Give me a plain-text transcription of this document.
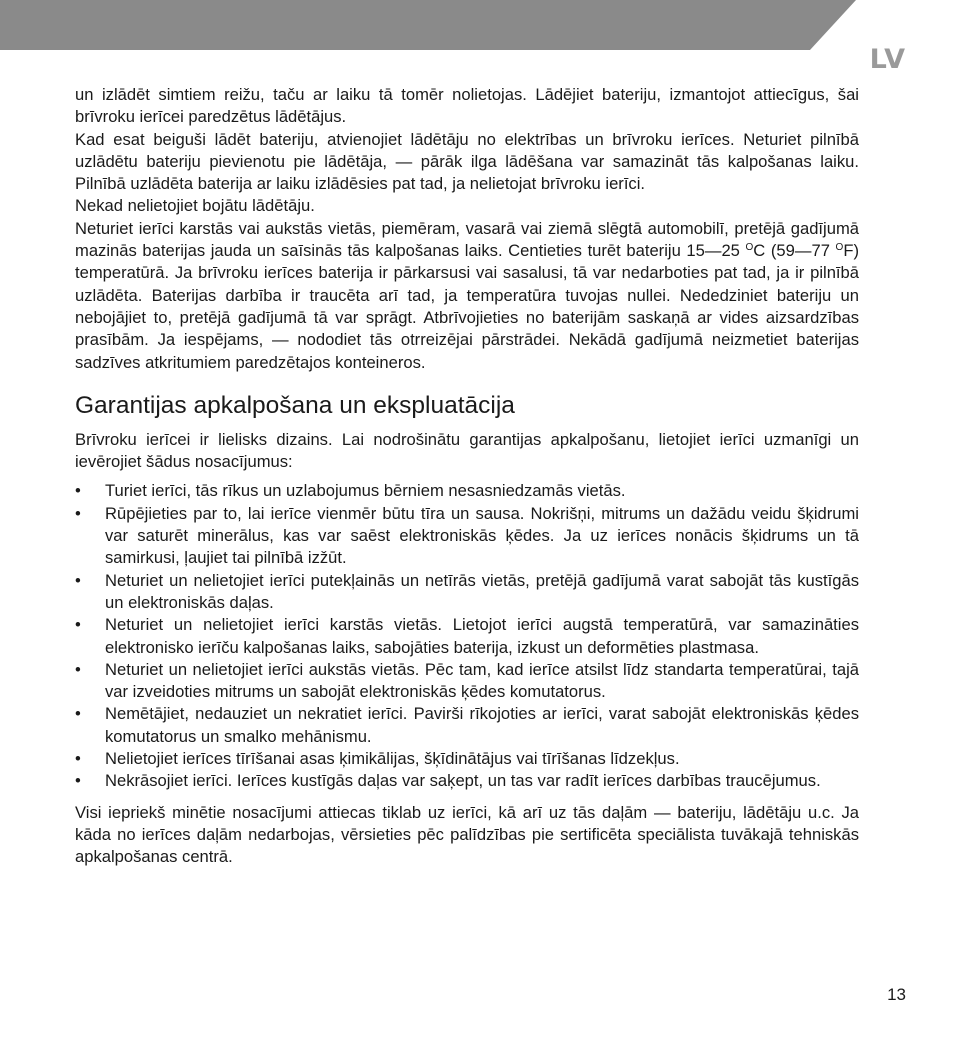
LV

un izlādēt simtiem reižu, taču ar laiku tā tomēr nolietojas. Lādējiet bateriju, izmantojot attiecīgus, šai brīvroku ierīcei paredzētus lādētājus.

Kad esat beiguši lādēt bateriju, atvienojiet lādētāju no elektrības un brīvroku ierīces. Neturiet pilnībā uzlādētu bateriju pievienotu pie lādētāja, — pārāk ilga lādēšana var samazināt tās kalpošanas laiku. Pilnībā uzlādēta baterija ar laiku izlādēsies pat tad, ja nelietojat brīvroku ierīci.

Nekad nelietojiet bojātu lādētāju.

Neturiet ierīci karstās vai aukstās vietās, piemēram, vasarā vai ziemā slēgtā automobilī, pretējā gadījumā mazinās baterijas jauda un saīsinās tās kalpošanas laiks. Centieties turēt bateriju 15—25 $^O$C (59—77 $^O$F) temperatūrā. Ja brīvroku ierīces baterija ir pārkarsusi vai sasalusi, tā var nedarboties pat tad, ja ir pilnībā uzlādēta. Baterijas darbība ir traucēta arī tad, ja temperatūra tuvojas nullei. Nededziniet bateriju un nebojājiet to, pretējā gadījumā tā var sprāgt. Atbrīvojieties no baterijām saskaņā ar vides aizsardzības prasībām. Ja iespējams, — nododiet tās otrreizējai pārstrādei. Nekādā gadījumā neizmetiet baterijas sadzīves atkritumiem paredzētajos konteineros.

Garantijas apkalpošana un ekspluatācija

Brīvroku ierīcei ir lielisks dizains. Lai nodrošinātu garantijas apkalpošanu, lietojiet ierīci uzmanīgi un ievērojiet šādus nosacījumus:

• Turiet ierīci, tās rīkus un uzlabojumus bērniem nesasniedzamās vietās.
• Rūpējieties par to, lai ierīce vienmēr būtu tīra un sausa. Nokrišņi, mitrums un dažādu veidu šķidrumi var saturēt minerālus, kas var saēst elektroniskās ķēdes. Ja uz ierīces nonācis šķidrums un tā samirkusi, ļaujiet tai pilnībā izžūt.
• Neturiet un nelietojiet ierīci putekļainās un netīrās vietās, pretējā gadījumā varat sabojāt tās kustīgās un elektroniskās daļas.
• Neturiet un nelietojiet ierīci karstās vietās. Lietojot ierīci augstā temperatūrā, var samazināties elektronisko ierīču kalpošanas laiks, sabojāties baterija, izkust un deformēties plastmasa.
• Neturiet un nelietojiet ierīci aukstās vietās. Pēc tam, kad ierīce atsilst līdz standarta temperatūrai, tajā var izveidoties mitrums un sabojāt elektroniskās ķēdes komutatorus.
• Nemētājiet, nedauziet un nekratiet ierīci. Pavirši rīkojoties ar ierīci, varat sabojāt elektroniskās ķēdes komutatorus un smalko mehānismu.
• Nelietojiet ierīces tīrīšanai asas ķimikālijas, šķīdinātājus vai tīrīšanas līdzekļus.
• Nekrāsojiet ierīci. Ierīces kustīgās daļas var saķept, un tas var radīt ierīces darbības traucējumus.

Visi iepriekš minētie nosacījumi attiecas tiklab uz ierīci, kā arī uz tās daļām — bateriju, lādētāju u.c. Ja kāda no ierīces daļām nedarbojas, vērsieties pēc palīdzības pie sertificēta speciālista tuvākajā tehniskās apkalpošanas centrā.

13
